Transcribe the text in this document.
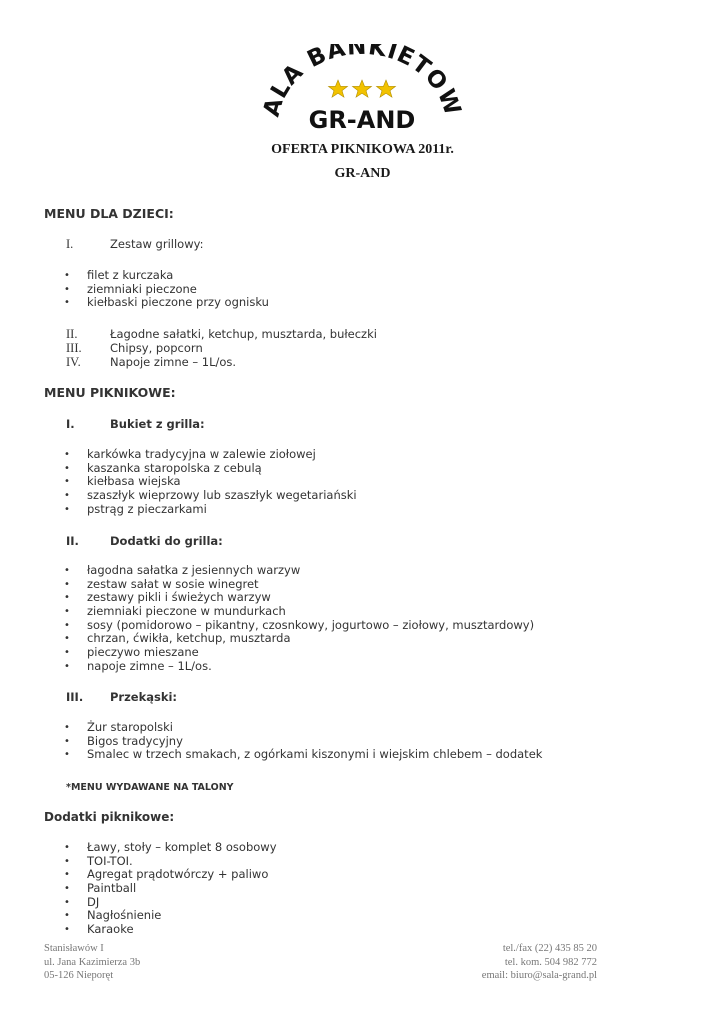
LA BANKIETOW
GR-AND
OFERTA PIKNIKOWA 2011r.
GR-AND
MENU DLA DZIECI:
I.	Zestaw grillowy:
• filet z kurczaka
• ziemniaki pieczone
• kiełbaski pieczone przy ognisku
II.	Łagodne sałatki, ketchup, musztarda, bułeczki
III. Chipsy, popcorn
IV.	Napoje zimne – 1L/os.
MENU PIKNIKOWE:
I.	Bukiet z grilla:
• karkówka tradycyjna w zalewie ziołowej
• kaszanka staropolska z cebulą
• kiełbasa wiejska
• szaszłyk wieprzowy lub szaszłyk wegetariański
• pstrąg z pieczarkami
II.	Dodatki do grilla:
• łagodna sałatka z jesiennych warzyw
• zestaw sałat w sosie winegret
• zestawy pikli i świeżych warzyw
• ziemniaki pieczone w mundurkach
• sosy (pomidorowo – pikantny, czosnkowy, jogurtowo – ziołowy, musztardowy)
• chrzan, ćwikła, ketchup, musztarda
• pieczywo mieszane
• napoje zimne – 1L/os.
III. Przekąski:
• Żur staropolski
• Bigos tradycyjny
• Smalec w trzech smakach, z ogórkami kiszonymi i wiejskim chlebem – dodatek
*MENU WYDAWANE NA TALONY
Dodatki piknikowe:
• Ławy, stoły – komplet 8 osobowy
• TOI-TOI.
• Agregat prądotwórczy + paliwo
• Paintball
• DJ
• Nagłośnienie
• Karaoke
Stanisławów I
ul. Jana Kazimierza 3b
05-126 Nieporęt
tel./fax (22) 435 85 20
tel. kom. 504 982 772
email: biuro@sala-grand.pl
